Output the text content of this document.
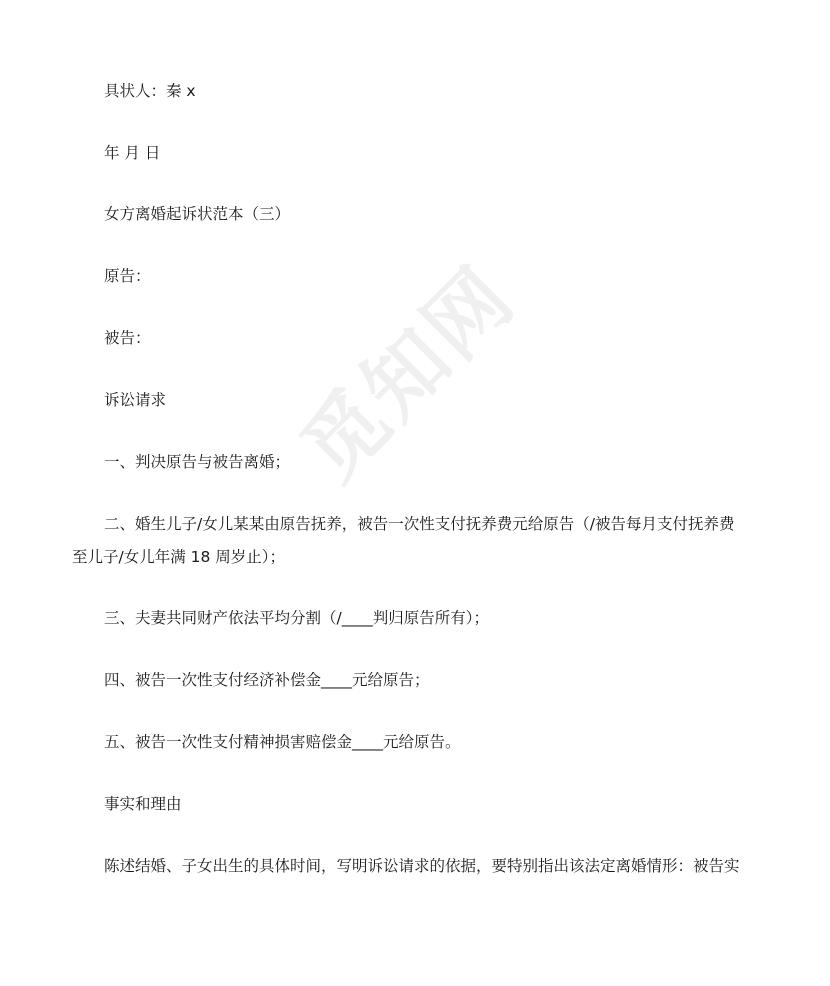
觅知网
具状人：秦 x
年 月 日
女方离婚起诉状范本（三）
原告：
被告：
诉讼请求
一、判决原告与被告离婚；
二、婚生儿子/女儿某某由原告抚养，被告一次性支付抚养费元给原告（/被告每月支付抚养费
至儿子/女儿年满 18 周岁止）；
三、夫妻共同财产依法平均分割（/____判归原告所有）；
四、被告一次性支付经济补偿金____元给原告；
五、被告一次性支付精神损害赔偿金____元给原告。
事实和理由
陈述结婚、子女出生的具体时间，写明诉讼请求的依据，要特别指出该法定离婚情形：被告实
